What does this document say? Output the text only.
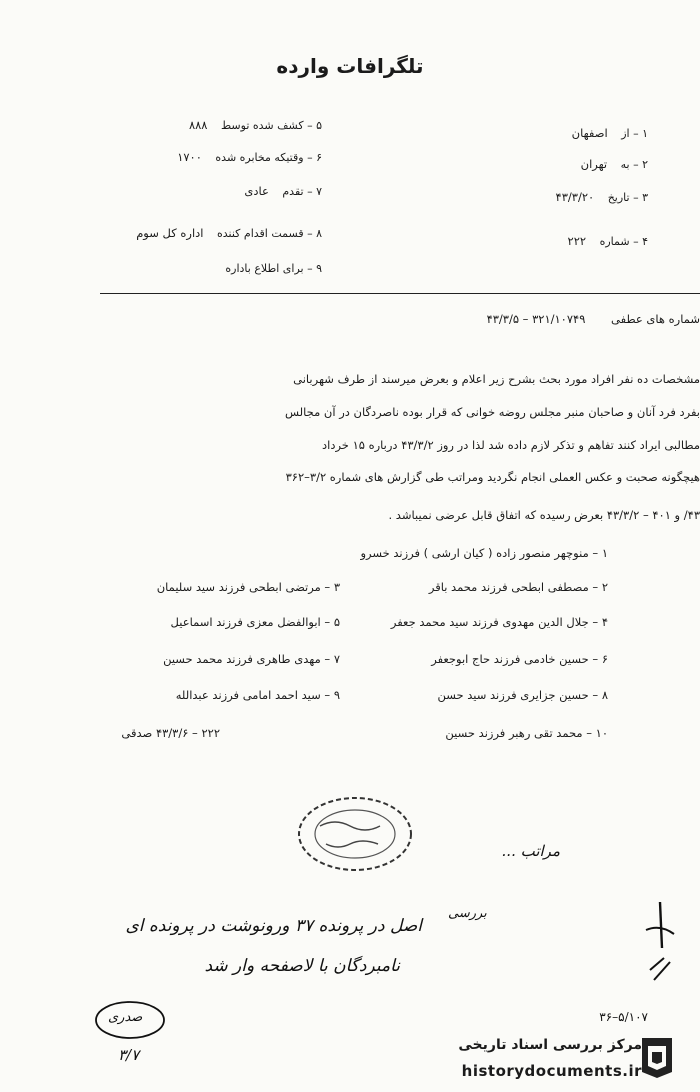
تلگرافات وارده
۱ – از اصفهان
۲ – به تهران
۳ – تاریخ ۴۳/۳/۲۰
۴ – شماره ۲۲۲
۵ – کشف شده توسط ۸۸۸
۶ – وقتیکه مخابره شده ۱۷۰۰
۷ – تقدم عادی
۸ – قسمت اقدام کننده اداره کل سوم
۹ – برای اطلاع باداره
شماره های عطفی ۳۲۱/۱۰۷۴۹ – ۴۳/۳/۵
مشخصات ده نفر افراد مورد بحث بشرح زیر اعلام و بعرض میرسند از طرف شهربانی
بفرد فرد آنان و صاحبان منبر مجلس روضه خوانی که قرار بوده ناصردگان در آن مجالس
مطالبی ایراد کنند تفاهم و تذکر لازم داده شد لذا در روز ۴۳/۳/۲ درباره ۱۵ خرداد
هیچگونه صحبت و عکس العملی انجام نگردید ومراتب طی گزارش های شماره ۳/۲–۳۶۲
۴۳/ و ۴۰۱ – ۴۳/۳/۲ بعرض رسیده که اتفاق قابل عرضی نمیباشد .
۱ – منوچهر منصور زاده ( کیان ارشی ) فرزند خسرو
۲ – مصطفی ابطحی فرزند محمد باقر
۳ – مرتضی ابطحی فرزند سید سلیمان
۴ – جلال الدین مهدوی فرزند سید محمد جعفر
۵ – ابوالفضل معزی فرزند اسماعیل
۶ – حسین خادمی فرزند حاج ابوجعفر
۷ – مهدی طاهری فرزند محمد حسین
۸ – حسین جزایری فرزند سید حسن
۹ – سید احمد امامی فرزند عبدالله
۱۰ – محمد تقی رهبر فرزند حسین
۲۲۲ – ۴۳/۳/۶ صدقی
مراتب ...
بررسی
اصل در پرونده ۳۷ ورونوشت در پرونده ای
نامبردگان با لاصفحه وار شد
صدری
۳/۷
۵/۱۰۷–۳۶
مرکز بررسی اسناد تاریخی
historydocuments.ir
